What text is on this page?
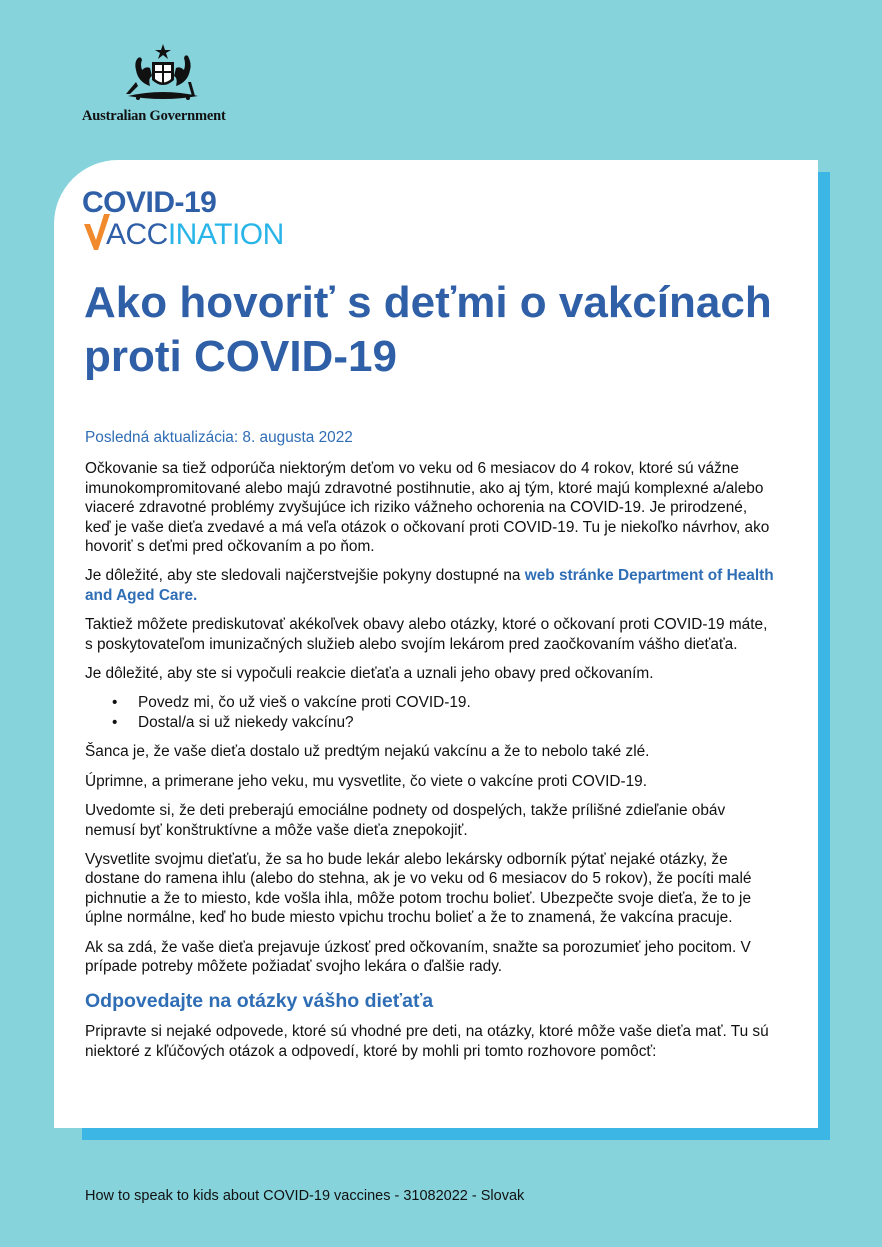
Australian Government
COVID-19
ACCINATION
Ako hovoriť s deťmi o vakcínach proti COVID-19

Posledná aktualizácia: 8. augusta 2022

Očkovanie sa tiež odporúča niektorým deťom vo veku od 6 mesiacov do 4 rokov, ktoré sú vážne imunokompromitované alebo majú zdravotné postihnutie, ako aj tým, ktoré majú komplexné a/alebo viaceré zdravotné problémy zvyšujúce ich riziko vážneho ochorenia na COVID-19. Je prirodzené, keď je vaše dieťa zvedavé a má veľa otázok o očkovaní proti COVID-19. Tu je niekoľko návrhov, ako hovoriť s deťmi pred očkovaním a po ňom.

Je dôležité, aby ste sledovali najčerstvejšie pokyny dostupné na web stránke Department of Health and Aged Care.

Taktiež môžete prediskutovať akékoľvek obavy alebo otázky, ktoré o očkovaní proti COVID-19 máte, s poskytovateľom imunizačných služieb alebo svojím lekárom pred zaočkovaním vášho dieťaťa.

Je dôležité, aby ste si vypočuli reakcie dieťaťa a uznali jeho obavy pred očkovaním.

• Povedz mi, čo už vieš o vakcíne proti COVID-19.
• Dostal/a si už niekedy vakcínu?

Šanca je, že vaše dieťa dostalo už predtým nejakú vakcínu a že to nebolo také zlé.

Úprimne, a primerane jeho veku, mu vysvetlite, čo viete o vakcíne proti COVID-19.

Uvedomte si, že deti preberajú emociálne podnety od dospelých, takže prílišné zdieľanie obáv nemusí byť konštruktívne a môže vaše dieťa znepokojiť.

Vysvetlite svojmu dieťaťu, že sa ho bude lekár alebo lekársky odborník pýtať nejaké otázky, že dostane do ramena ihlu (alebo do stehna, ak je vo veku od 6 mesiacov do 5 rokov), že pocíti malé pichnutie a že to miesto, kde vošla ihla, môže potom trochu bolieť. Ubezpečte svoje dieťa, že to je úplne normálne, keď ho bude miesto vpichu trochu bolieť a že to znamená, že vakcína pracuje.

Ak sa zdá, že vaše dieťa prejavuje úzkosť pred očkovaním, snažte sa porozumieť jeho pocitom. V prípade potreby môžete požiadať svojho lekára o ďalšie rady.

Odpovedajte na otázky vášho dieťaťa

Pripravte si nejaké odpovede, ktoré sú vhodné pre deti, na otázky, ktoré môže vaše dieťa mať. Tu sú niektoré z kľúčových otázok a odpovedí, ktoré by mohli pri tomto rozhovore pomôcť:

How to speak to kids about COVID-19 vaccines - 31082022 - Slovak
